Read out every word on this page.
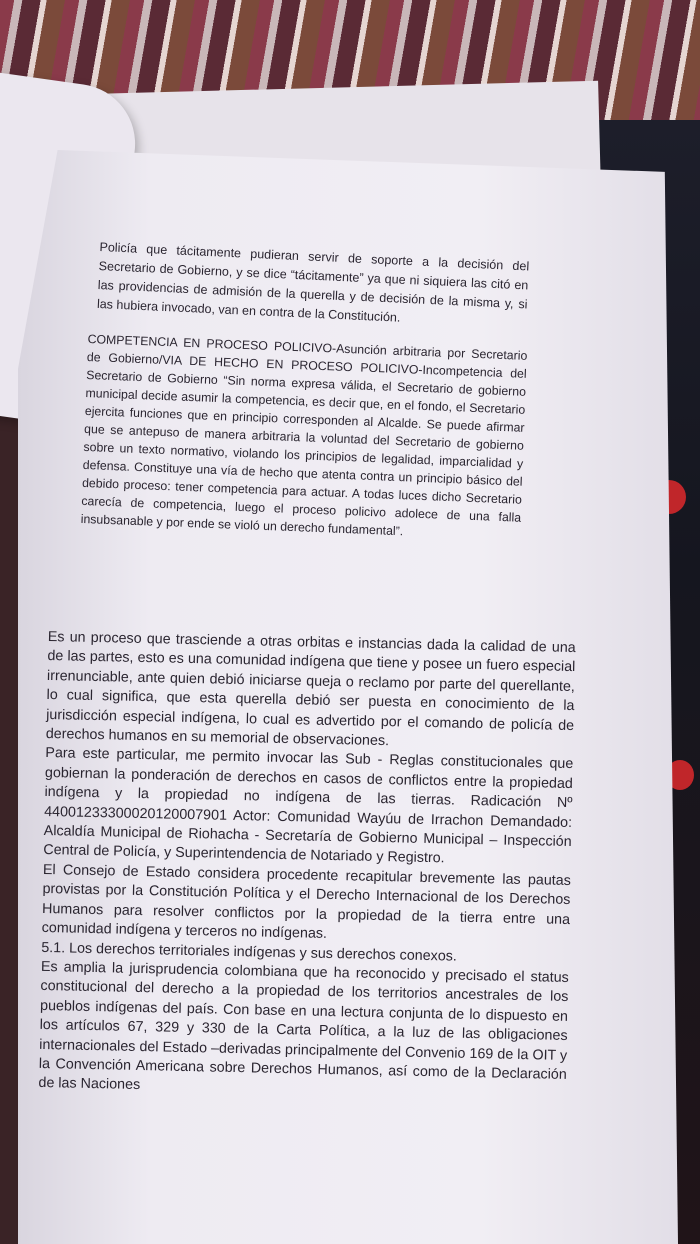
Policía que tácitamente pudieran servir de soporte a la decisión del Secretario de Gobierno, y se dice “tácitamente” ya que ni siquiera las citó en las providencias de admisión de la querella y de decisión de la misma y, si las hubiera invocado, van en contra de la Constitución.

COMPETENCIA EN PROCESO POLICIVO-Asunción arbitraria por Secretario de Gobierno/VIA DE HECHO EN PROCESO POLICIVO-Incompetencia del Secretario de Gobierno “Sin norma expresa válida, el Secretario de gobierno municipal decide asumir la competencia, es decir que, en el fondo, el Secretario ejercita funciones que en principio corresponden al Alcalde. Se puede afirmar que se antepuso de manera arbitraria la voluntad del Secretario de gobierno sobre un texto normativo, violando los principios de legalidad, imparcialidad y defensa. Constituye una vía de hecho que atenta contra un principio básico del debido proceso: tener competencia para actuar. A todas luces dicho Secretario carecía de competencia, luego el proceso policivo adolece de una falla insubsanable y por ende se violó un derecho fundamental”.

Es un proceso que trasciende a otras orbitas e instancias dada la calidad de una de las partes, esto es una comunidad indígena que tiene y posee un fuero especial irrenunciable, ante quien debió iniciarse queja o reclamo por parte del querellante, lo cual significa, que esta querella debió ser puesta en conocimiento de la jurisdicción especial indígena, lo cual es advertido por el comando de policía de derechos humanos en su memorial de observaciones.

Para este particular, me permito invocar las Sub - Reglas constitucionales que gobiernan la ponderación de derechos en casos de conflictos entre la propiedad indígena y la propiedad no indígena de las tierras. Radicación Nº 44001233300020120007901 Actor: Comunidad Wayúu de Irrachon Demandado: Alcaldía Municipal de Riohacha - Secretaría de Gobierno Municipal – Inspección Central de Policía, y Superintendencia de Notariado y Registro.

El Consejo de Estado considera procedente recapitular brevemente las pautas provistas por la Constitución Política y el Derecho Internacional de los Derechos Humanos para resolver conflictos por la propiedad de la tierra entre una comunidad indígena y terceros no indígenas.

5.1. Los derechos territoriales indígenas y sus derechos conexos.

Es amplia la jurisprudencia colombiana que ha reconocido y precisado el status constitucional del derecho a la propiedad de los territorios ancestrales de los pueblos indígenas del país. Con base en una lectura conjunta de lo dispuesto en los artículos 67, 329 y 330 de la Carta Política, a la luz de las obligaciones internacionales del Estado –derivadas principalmente del Convenio 169 de la OIT y la Convención Americana sobre Derechos Humanos, así como de la Declaración de las Naciones
